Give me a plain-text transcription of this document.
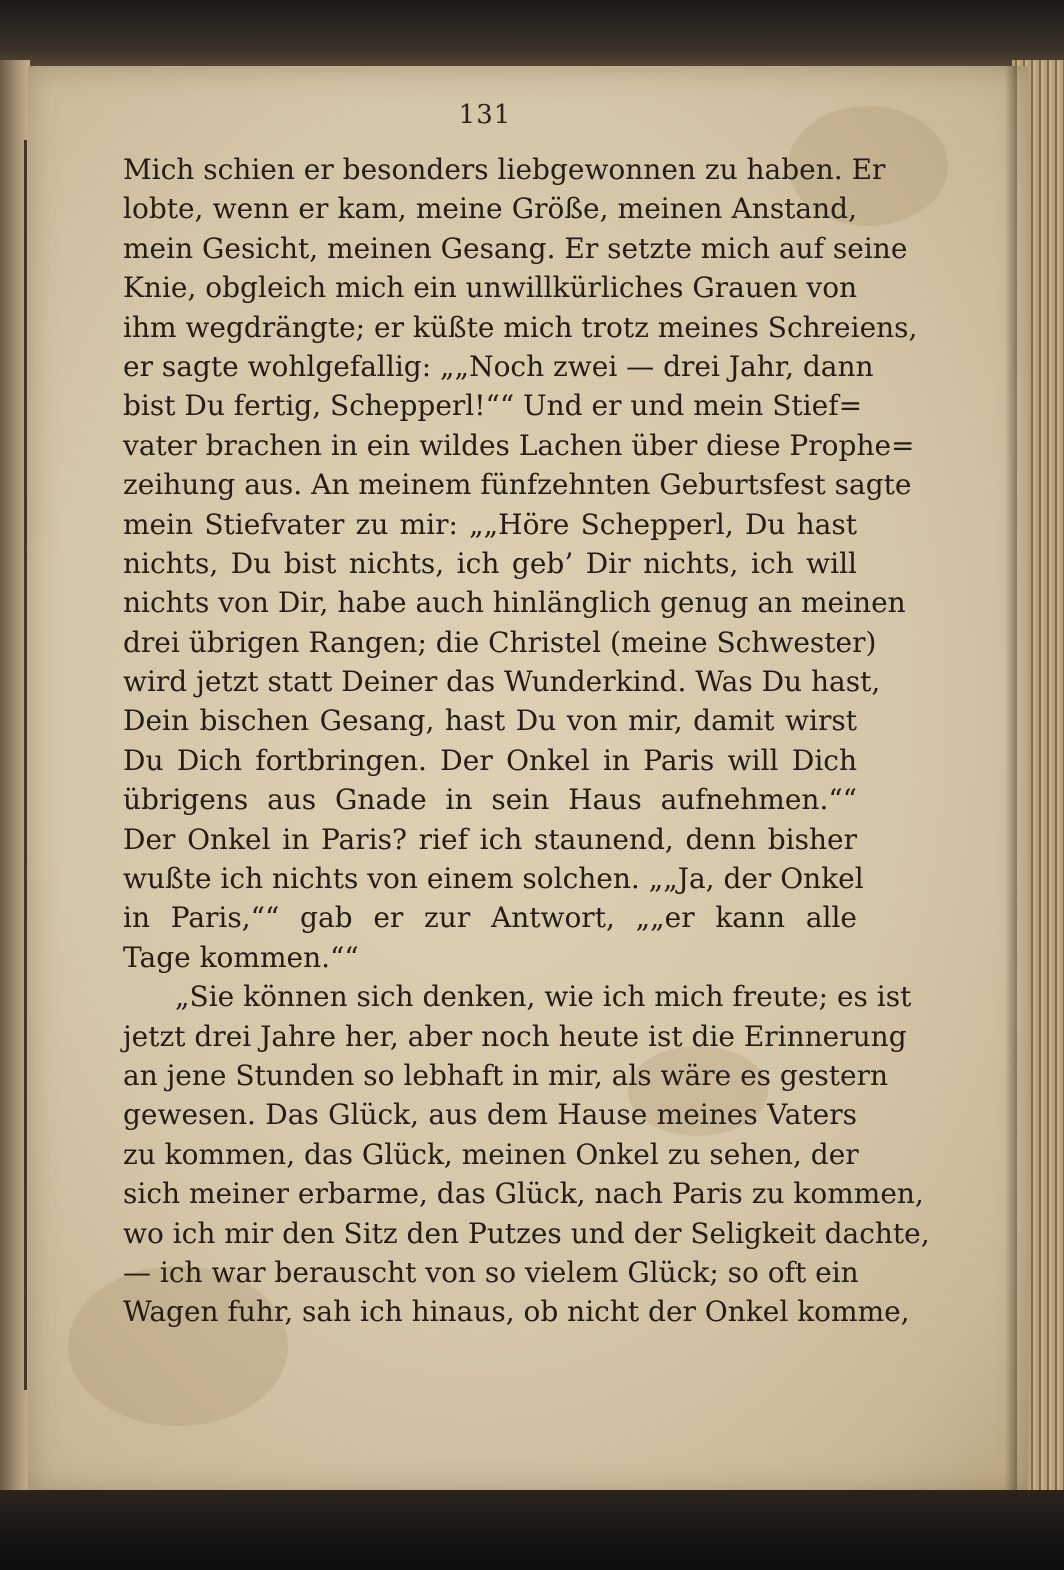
131
Mich schien er besonders liebgewonnen zu haben. Er
lobte, wenn er kam, meine Größe, meinen Anstand,
mein Gesicht, meinen Gesang. Er setzte mich auf seine
Knie, obgleich mich ein unwillkürliches Grauen von
ihm wegdrängte; er küßte mich trotz meines Schreiens,
er sagte wohlgefallig: „„Noch zwei — drei Jahr, dann
bist Du fertig, Schepperl!““ Und er und mein Stief=
vater brachen in ein wildes Lachen über diese Prophe=
zeihung aus. An meinem fünfzehnten Geburtsfest sagte
mein Stiefvater zu mir: „„Höre Schepperl, Du hast
nichts, Du bist nichts, ich geb’ Dir nichts, ich will
nichts von Dir, habe auch hinlänglich genug an meinen
drei übrigen Rangen; die Christel (meine Schwester)
wird jetzt statt Deiner das Wunderkind. Was Du hast,
Dein bischen Gesang, hast Du von mir, damit wirst
Du Dich fortbringen. Der Onkel in Paris will Dich
übrigens aus Gnade in sein Haus aufnehmen.““
Der Onkel in Paris? rief ich staunend, denn bisher
wußte ich nichts von einem solchen. „„Ja, der Onkel
in Paris,““ gab er zur Antwort, „„er kann alle
Tage kommen.““
„Sie können sich denken, wie ich mich freute; es ist
jetzt drei Jahre her, aber noch heute ist die Erinnerung
an jene Stunden so lebhaft in mir, als wäre es gestern
gewesen. Das Glück, aus dem Hause meines Vaters
zu kommen, das Glück, meinen Onkel zu sehen, der
sich meiner erbarme, das Glück, nach Paris zu kommen,
wo ich mir den Sitz den Putzes und der Seligkeit dachte,
— ich war berauscht von so vielem Glück; so oft ein
Wagen fuhr, sah ich hinaus, ob nicht der Onkel komme,
